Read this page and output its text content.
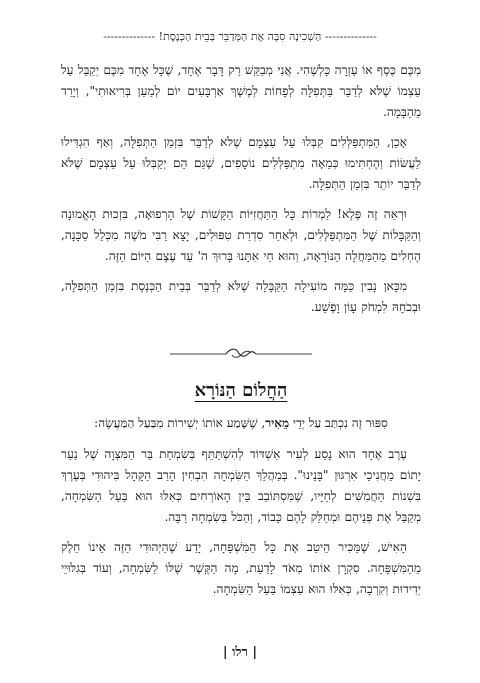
-------------- הַשְׁכִינָה סִבָּה אֶת הַמְּדַבֵּר בְּבֵית הַכְּנֶסֶת! --------------

מִכֶּם כֶּסֶף אוֹ עֶזְרָה כָּלְשֶׁהִי. אֲנִי מְבַקֵּשׁ רַק דָּבָר אֶחָד, שֶׁכָּל אֶחָד מִכֶּם יְקַבֵּל עַל עַצְמוֹ שֶׁלֹּא לְדַבֵּר בַּתְּפִלָּה לְפָחוֹת לְמֶשֶׁךְ אַרְבָּעִים יוֹם לְמַעַן בְּרִיאוּתִי", וְיָרַד מֵהַבָּמָה.

אָכֵן, הַמִּתְפַּלְּלִים קִבְּלוּ עַל עַצְמָם שֶׁלֹּא לְדַבֵּר בִּזְמַן הַתְּפִלָּה, וְאַף הִגְדִּילוּ לַעֲשׂוֹת וְהֶחְתִּימוּ כְּמֵאָה מִתְפַּלְּלִים נוֹסָפִים, שֶׁגַּם הֵם יְקַבְּלוּ עַל עַצְמָם שֶׁלֹּא לְדַבֵּר יוֹתֵר בִּזְמַן הַתְּפִלָּה.

וּרְאֵה זֶה פֶּלֶא! לַמְרוֹת כָּל הַתַּחֲזִיּוֹת הַקָּשׁוֹת שֶׁל הָרְפוּאָה, בִּזְכוּת הָאֱמוּנָה וְהַקַּבָּלוֹת שֶׁל הַמִּתְפַּלְּלִים, וּלְאַחַר סִדְרַת טִפּוּלִים, יָצָא רַבִּי מֹשֶׁה מִכְּלַל סַכָּנָה, הֶחְלִים מֵהַמַּחֲלָה הַנּוֹרָאָה, וְהוּא חַי אִתָּנוּ בָּרוּךְ ה' עַד עֶצֶם הַיּוֹם הַזֶּה.

מִכָּאן נָבִין כַּמָּה מוֹעִילָה הַקַּבָּלָה שֶׁלֹּא לְדַבֵּר בְּבֵית הַכְּנֶסֶת בִּזְמַן הַתְּפִלָּה, וּבְכֹחָהּ לִמְחֹק עָוֹן וָפֶשַׁע.

הַחֲלוֹם הַנּוֹרָא
סִפּוּר זֶה נִכְתַּב עַל יְדֵי מֵאִיר, שֶׁשָּׁמַע אוֹתוֹ יְשִׁירוֹת מִבַּעַל הַמַּעֲשֶׂה:

עֶרֶב אֶחָד הוּא נָסַע לְעִיר אַשְׁדּוֹד לְהִשְׁתַּתֵּף בְּשִׂמְחַת בַּר הַמִּצְוָה שֶׁל נַעַר יָתוֹם מֵחֲנִיכֵי אִרְגּוּן "בָּנֵינוּ". בְּמַהֲלַךְ הַשִּׂמְחָה הִבְחִין הָרַב הַקָּהָל בִּיהוּדִי בְּעֶרֶךְ בִּשְׁנוֹת הַחֲמִשִּׁים לְחַיָּיו, שֶׁמִּסְתּוֹבֵב בֵּין הָאוֹרְחִים כְּאִלּוּ הוּא בַּעַל הַשִּׂמְחָה, מְקַבֵּל אֶת פְּנֵיהֶם וּמְחַלֵּק לָהֶם כָּבוֹד, וְהַכֹּל בְּשִׂמְחָה רַבָּה.

הָאִישׁ, שֶׁמַּכִּיר הֵיטֵב אֶת כָּל הַמִּשְׁפָּחָה, יָדַע שֶׁהַיְּהוּדִי הַזֶּה אֵינוֹ חֵלֶק מֵהַמִּשְׁפָּחָה. סִקְרָן אוֹתוֹ מְאֹד לָדַעַת, מָה הַקֶּשֶׁר שֶׁלּוֹ לַשִּׂמְחָה, וְעוֹד בְּגִלּוּיֵי יְדִידוּת וְקִרְבָה, כְּאִלּוּ הוּא עַצְמוֹ בַּעַל הַשִּׂמְחָה.

| רלו |
